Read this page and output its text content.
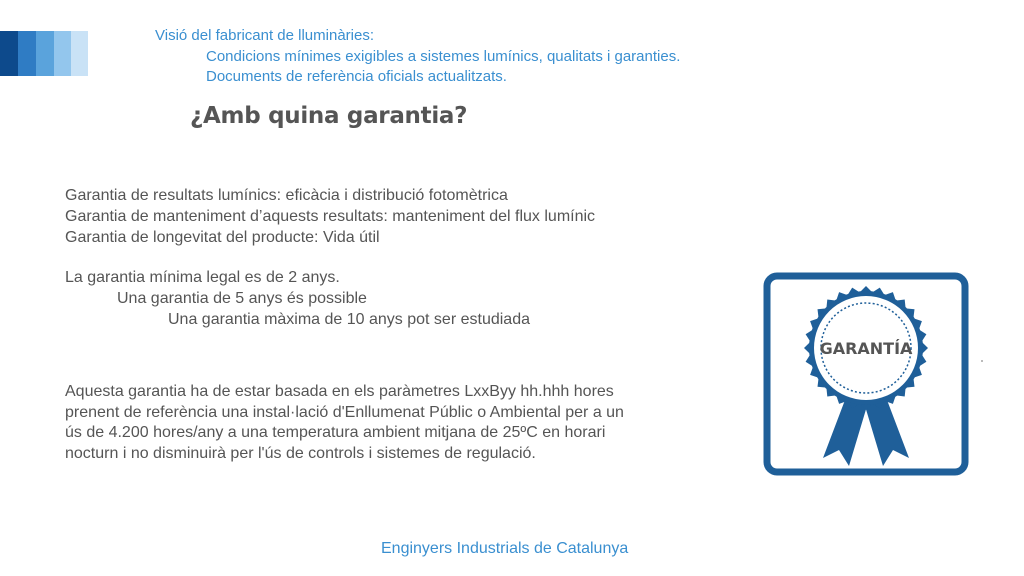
Visió del fabricant de lluminàries:
Condicions mínimes exigibles a sistemes lumínics, qualitats i garanties.
Documents de referència oficials actualitzats.
¿Amb quina garantia?
Garantia de resultats lumínics: eficàcia i distribució fotomètrica
Garantia de manteniment d’aquests resultats: manteniment del flux lumínic
Garantia de longevitat del producte: Vida útil
La garantia mínima legal es de 2 anys.
Una garantia de 5 anys és possible
Una garantia màxima de 10 anys pot ser estudiada
Aquesta garantia ha de estar basada en els paràmetres LxxByy hh.hhh hores prenent de referència una instal·lació d'Enllumenat Públic o Ambiental per a un ús de 4.200 hores/any a una temperatura ambient mitjana de 25ºC en horari nocturn i no disminuirà per l'ús de controls i sistemes de regulació.
GARANTÍA
Enginyers Industrials de Catalunya
